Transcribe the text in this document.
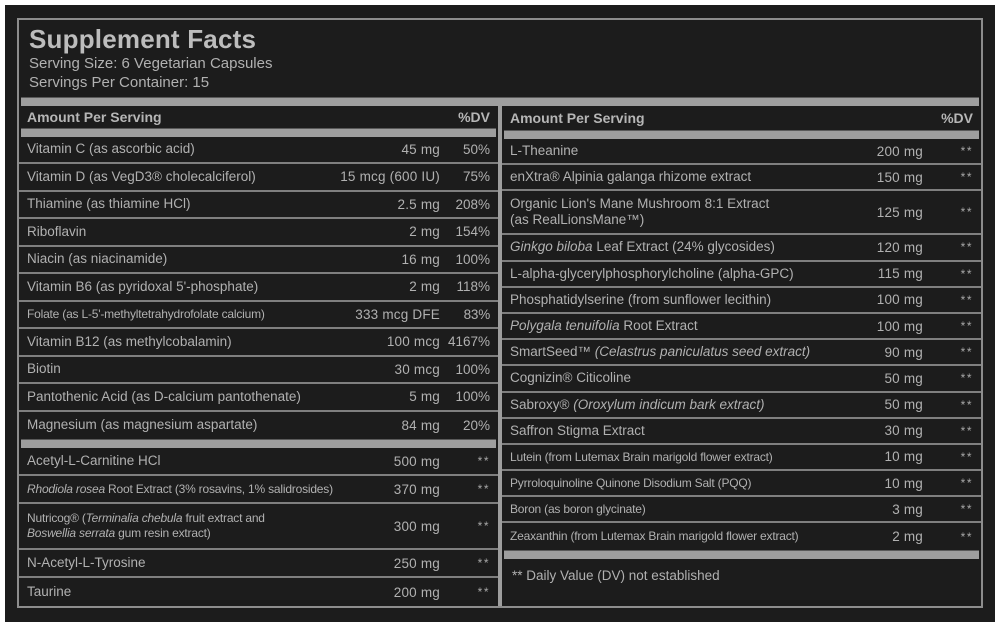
Supplement Facts
Serving Size: 6 Vegetarian Capsules
Servings Per Container: 15
Amount Per Serving	%DV
Vitamin C (as ascorbic acid)	45 mg	50%
Vitamin D (as VegD3® cholecalciferol)	15 mcg (600 IU)	75%
Thiamine (as thiamine HCl)	2.5 mg	208%
Riboflavin	2 mg	154%
Niacin (as niacinamide)	16 mg	100%
Vitamin B6 (as pyridoxal 5'-phosphate)	2 mg	118%
Folate (as L-5'-methyltetrahydrofolate calcium)	333 mcg DFE	83%
Vitamin B12 (as methylcobalamin)	100 mcg 4167%
Biotin	30 mcg	100%
Pantothenic Acid (as D-calcium pantothenate)	5 mg	100%
Magnesium (as magnesium aspartate)	84 mg	20%
Acetyl-L-Carnitine HCl	500 mg	**
Rhodiola rosea Root Extract (3% rosavins, 1% salidrosides)	370 mg	**
Nutricog® (Terminalia chebula fruit extract and
Boswellia serrata gum resin extract)	300 mg	**
N-Acetyl-L-Tyrosine	250 mg	**
Taurine	200 mg	**
Amount Per Serving	%DV
L-Theanine	200 mg	**
enXtra® Alpinia galanga rhizome extract	150 mg	**
Organic Lion's Mane Mushroom 8:1 Extract
(as RealLionsMane™)	125 mg	**
Ginkgo biloba Leaf Extract (24% glycosides)	120 mg	**
L-alpha-glycerylphosphorylcholine (alpha-GPC)	115 mg	**
Phosphatidylserine (from sunflower lecithin)	100 mg	**
Polygala tenuifolia Root Extract	100 mg	**
SmartSeed™ (Celastrus paniculatus seed extract)	90 mg	**
Cognizin® Citicoline	50 mg	**
Sabroxy® (Oroxylum indicum bark extract)	50 mg	**
Saffron Stigma Extract	30 mg	**
Lutein (from Lutemax Brain marigold flower extract)	10 mg	**
Pyrroloquinoline Quinone Disodium Salt (PQQ)	10 mg	**
Boron (as boron glycinate)	3 mg	**
Zeaxanthin (from Lutemax Brain marigold flower extract)	2 mg	**
** Daily Value (DV) not established
